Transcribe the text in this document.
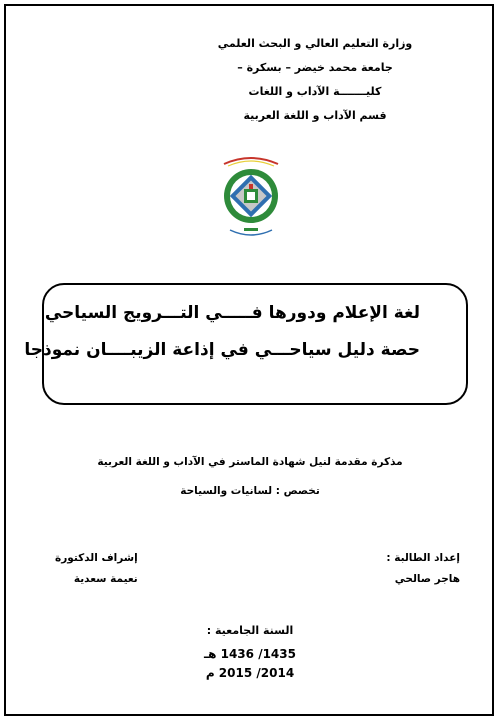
وزارة التعليم العالي و البحث العلمي
جامعة محمد خيضر – بسكرة –
كليـــــــة الآداب و اللغات
قسم الآداب و اللغة العربية
لغة الإعلام ودورها فـــــي التـــرويج السياحي
حصة دليل سياحـــي في إذاعة الزيبــــان نموذجا
مذكرة مقدمة لنيل شهادة الماستر في الآداب و اللغة العربية
تخصص : لسانيات والسياحة
إعداد الطالبة :
هاجر صالحي
إشراف الدكتورة
نعيمة سعدية
السنة الجامعية :
1435/ 1436 هـ
2014/ 2015 م
